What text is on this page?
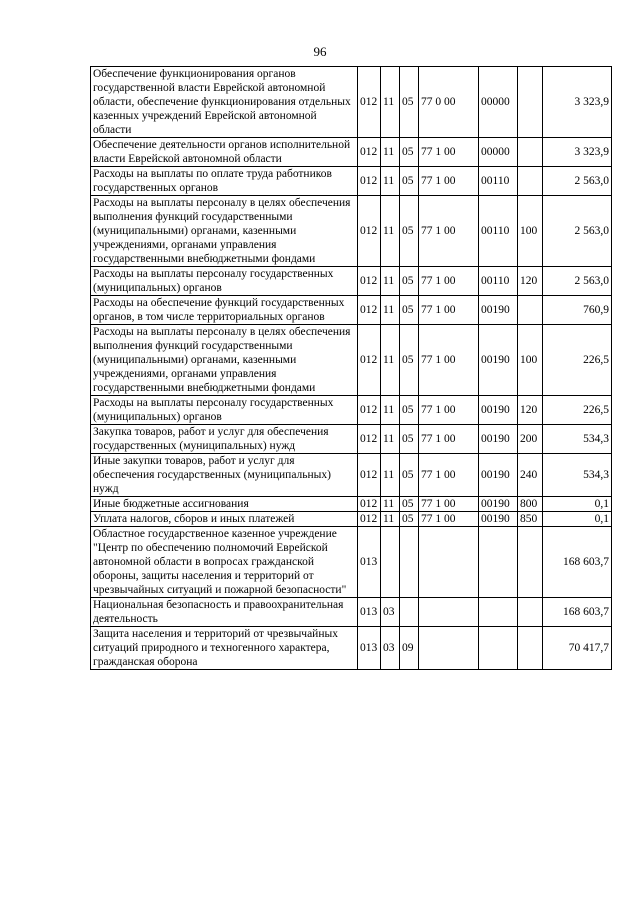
96
Обеспечение функционирования органов государственной власти Еврейской автономной области, обеспечение функционирования отдельных казенных учреждений Еврейской автономной области	012	11	05	77 0 00	00000		3 323,9
Обеспечение деятельности органов исполнительной власти Еврейской автономной области	012	11	05	77 1 00	00000		3 323,9
Расходы на выплаты по оплате труда работников государственных органов	012	11	05	77 1 00	00110		2 563,0
Расходы на выплаты персоналу в целях обеспечения выполнения функций государственными (муниципальными) органами, казенными учреждениями, органами управления государственными внебюджетными фондами	012	11	05	77 1 00	00110	100	2 563,0
Расходы на выплаты персоналу государственных (муниципальных) органов	012	11	05	77 1 00	00110	120	2 563,0
Расходы на обеспечение функций государственных органов, в том числе территориальных органов	012	11	05	77 1 00	00190		760,9
Расходы на выплаты персоналу в целях обеспечения выполнения функций государственными (муниципальными) органами, казенными учреждениями, органами управления государственными внебюджетными фондами	012	11	05	77 1 00	00190	100	226,5
Расходы на выплаты персоналу государственных (муниципальных) органов	012	11	05	77 1 00	00190	120	226,5
Закупка товаров, работ и услуг для обеспечения государственных (муниципальных) нужд	012	11	05	77 1 00	00190	200	534,3
Иные закупки товаров, работ и услуг для обеспечения государственных (муниципальных) нужд	012	11	05	77 1 00	00190	240	534,3
Иные бюджетные ассигнования	012	11	05	77 1 00	00190	800	0,1
Уплата налогов, сборов и иных платежей	012	11	05	77 1 00	00190	850	0,1
Областное государственное казенное учреждение "Центр по обеспечению полномочий Еврейской автономной области в вопросах гражданской обороны, защиты населения и территорий от чрезвычайных ситуаций и пожарной безопасности"	013						168 603,7
Национальная безопасность и правоохранительная деятельность	013	03					168 603,7
Защита населения и территорий от чрезвычайных ситуаций природного и техногенного характера, гражданская оборона	013	03	09				70 417,7
